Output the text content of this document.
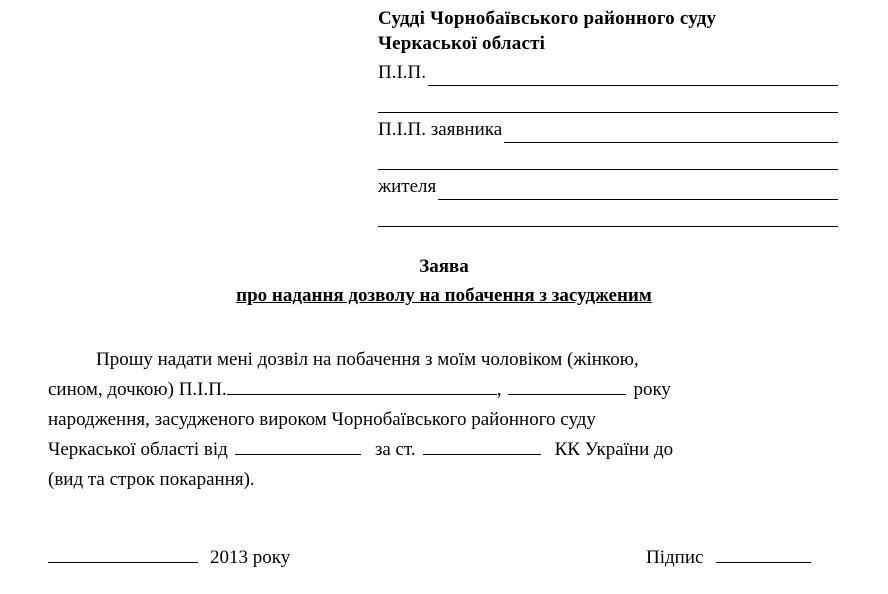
Судді Чорнобаївського районного суду
Черкаської області
П.І.П.
П.І.П. заявника
жителя
Заява
про надання дозволу на побачення з засудженим
Прошу надати мені дозвіл на побачення з моїм чоловіком (жінкою,
сином, дочкою) П.І.П.	,	року
народження, засудженого вироком Чорнобаївського районного суду
Черкаської області від	за ст.	КК України до
(вид та строк покарання).
2013 року	Підпис
